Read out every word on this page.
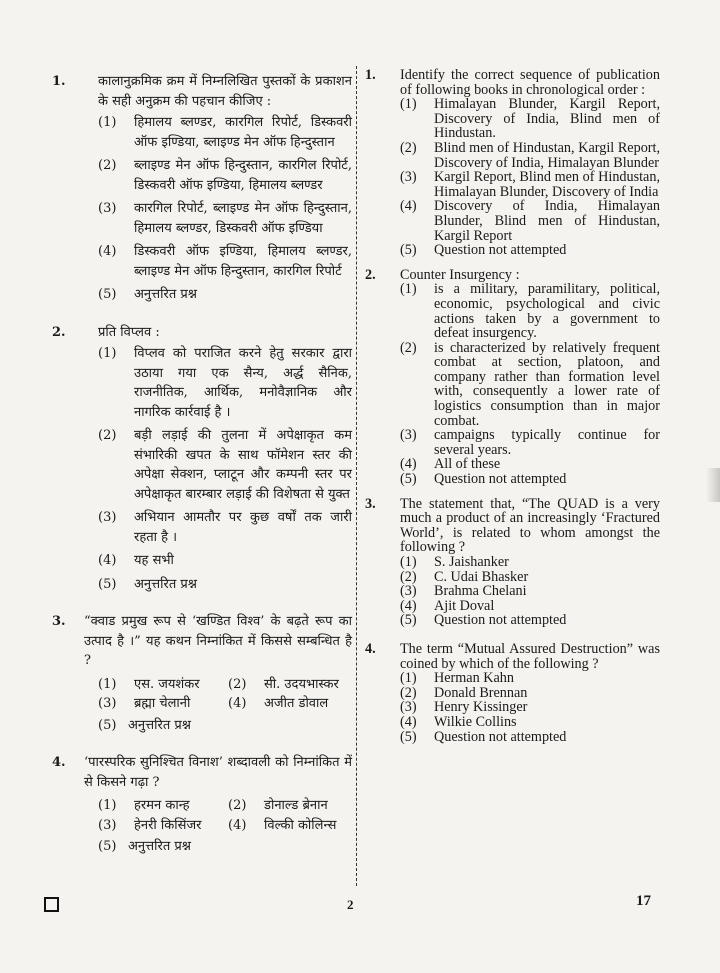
1. कालानुक्रमिक क्रम में निम्नलिखित पुस्तकों के प्रकाशन के सही अनुक्रम की पहचान कीजिए :
(1) हिमालय ब्लण्डर, कारगिल रिपोर्ट, डिस्कवरी ऑफ इण्डिया, ब्लाइण्ड मेन ऑफ हिन्दुस्तान
(2) ब्लाइण्ड मेन ऑफ हिन्दुस्तान, कारगिल रिपोर्ट, डिस्कवरी ऑफ इण्डिया, हिमालय ब्लण्डर
(3) कारगिल रिपोर्ट, ब्लाइण्ड मेन ऑफ हिन्दुस्तान, हिमालय ब्लण्डर, डिस्कवरी ऑफ इण्डिया
(4) डिस्कवरी ऑफ इण्डिया, हिमालय ब्लण्डर, ब्लाइण्ड मेन ऑफ हिन्दुस्तान, कारगिल रिपोर्ट
(5) अनुत्तरित प्रश्न
2. प्रति विप्लव :
(1) विप्लव को पराजित करने हेतु सरकार द्वारा उठाया गया एक सैन्य, अर्द्ध सैनिक, राजनीतिक, आर्थिक, मनोवैज्ञानिक और नागरिक कार्रवाई है ।
(2) बड़ी लड़ाई की तुलना में अपेक्षाकृत कम संभारिकी खपत के साथ फॉमेशन स्तर की अपेक्षा सेक्शन, प्लाटून और कम्पनी स्तर पर अपेक्षाकृत बारम्बार लड़ाई की विशेषता से युक्त
(3) अभियान आमतौर पर कुछ वर्षों तक जारी रहता है ।
(4) यह सभी
(5) अनुत्तरित प्रश्न
3. “क्वाड प्रमुख रूप से ‘खण्डित विश्व’ के बढ़ते रूप का उत्पाद है ।” यह कथन निम्नांकित में किससे सम्बन्धित है ?
(1) एस. जयशंकर	(2) सी. उदयभास्कर
(3) ब्रह्मा चेलानी	(4) अजीत डोवाल
(5) अनुत्तरित प्रश्न
4. ‘पारस्परिक सुनिश्चित विनाश’ शब्दावली को निम्नांकित में से किसने गढ़ा ?
(1) हरमन कान्ह	(2) डोनाल्ड ब्रेनान
(3) हेनरी किसिंजर	(4) विल्की कोलिन्स
(5) अनुत्तरित प्रश्न
1. Identify the correct sequence of publication of following books in chronological order :
(1) Himalayan Blunder, Kargil Report, Discovery of India, Blind men of Hindustan.
(2) Blind men of Hindustan, Kargil Report, Discovery of India, Himalayan Blunder
(3) Kargil Report, Blind men of Hindustan, Himalayan Blunder, Discovery of India
(4) Discovery of India, Himalayan Blunder, Blind men of Hindustan, Kargil Report
(5) Question not attempted
2. Counter Insurgency :
(1) is a military, paramilitary, political, economic, psychological and civic actions taken by a government to defeat insurgency.
(2) is characterized by relatively frequent combat at section, platoon, and company rather than formation level with, consequently a lower rate of logistics consumption than in major combat.
(3) campaigns typically continue for several years.
(4) All of these
(5) Question not attempted
3. The statement that, “The QUAD is a very much a product of an increasingly ‘Fractured World’, is related to whom amongst the following ?
(1) S. Jaishanker
(2) C. Udai Bhasker
(3) Brahma Chelani
(4) Ajit Doval
(5) Question not attempted
4. The term “Mutual Assured Destruction” was coined by which of the following ?
(1) Herman Kahn
(2) Donald Brennan
(3) Henry Kissinger
(4) Wilkie Collins
(5) Question not attempted
2	17
